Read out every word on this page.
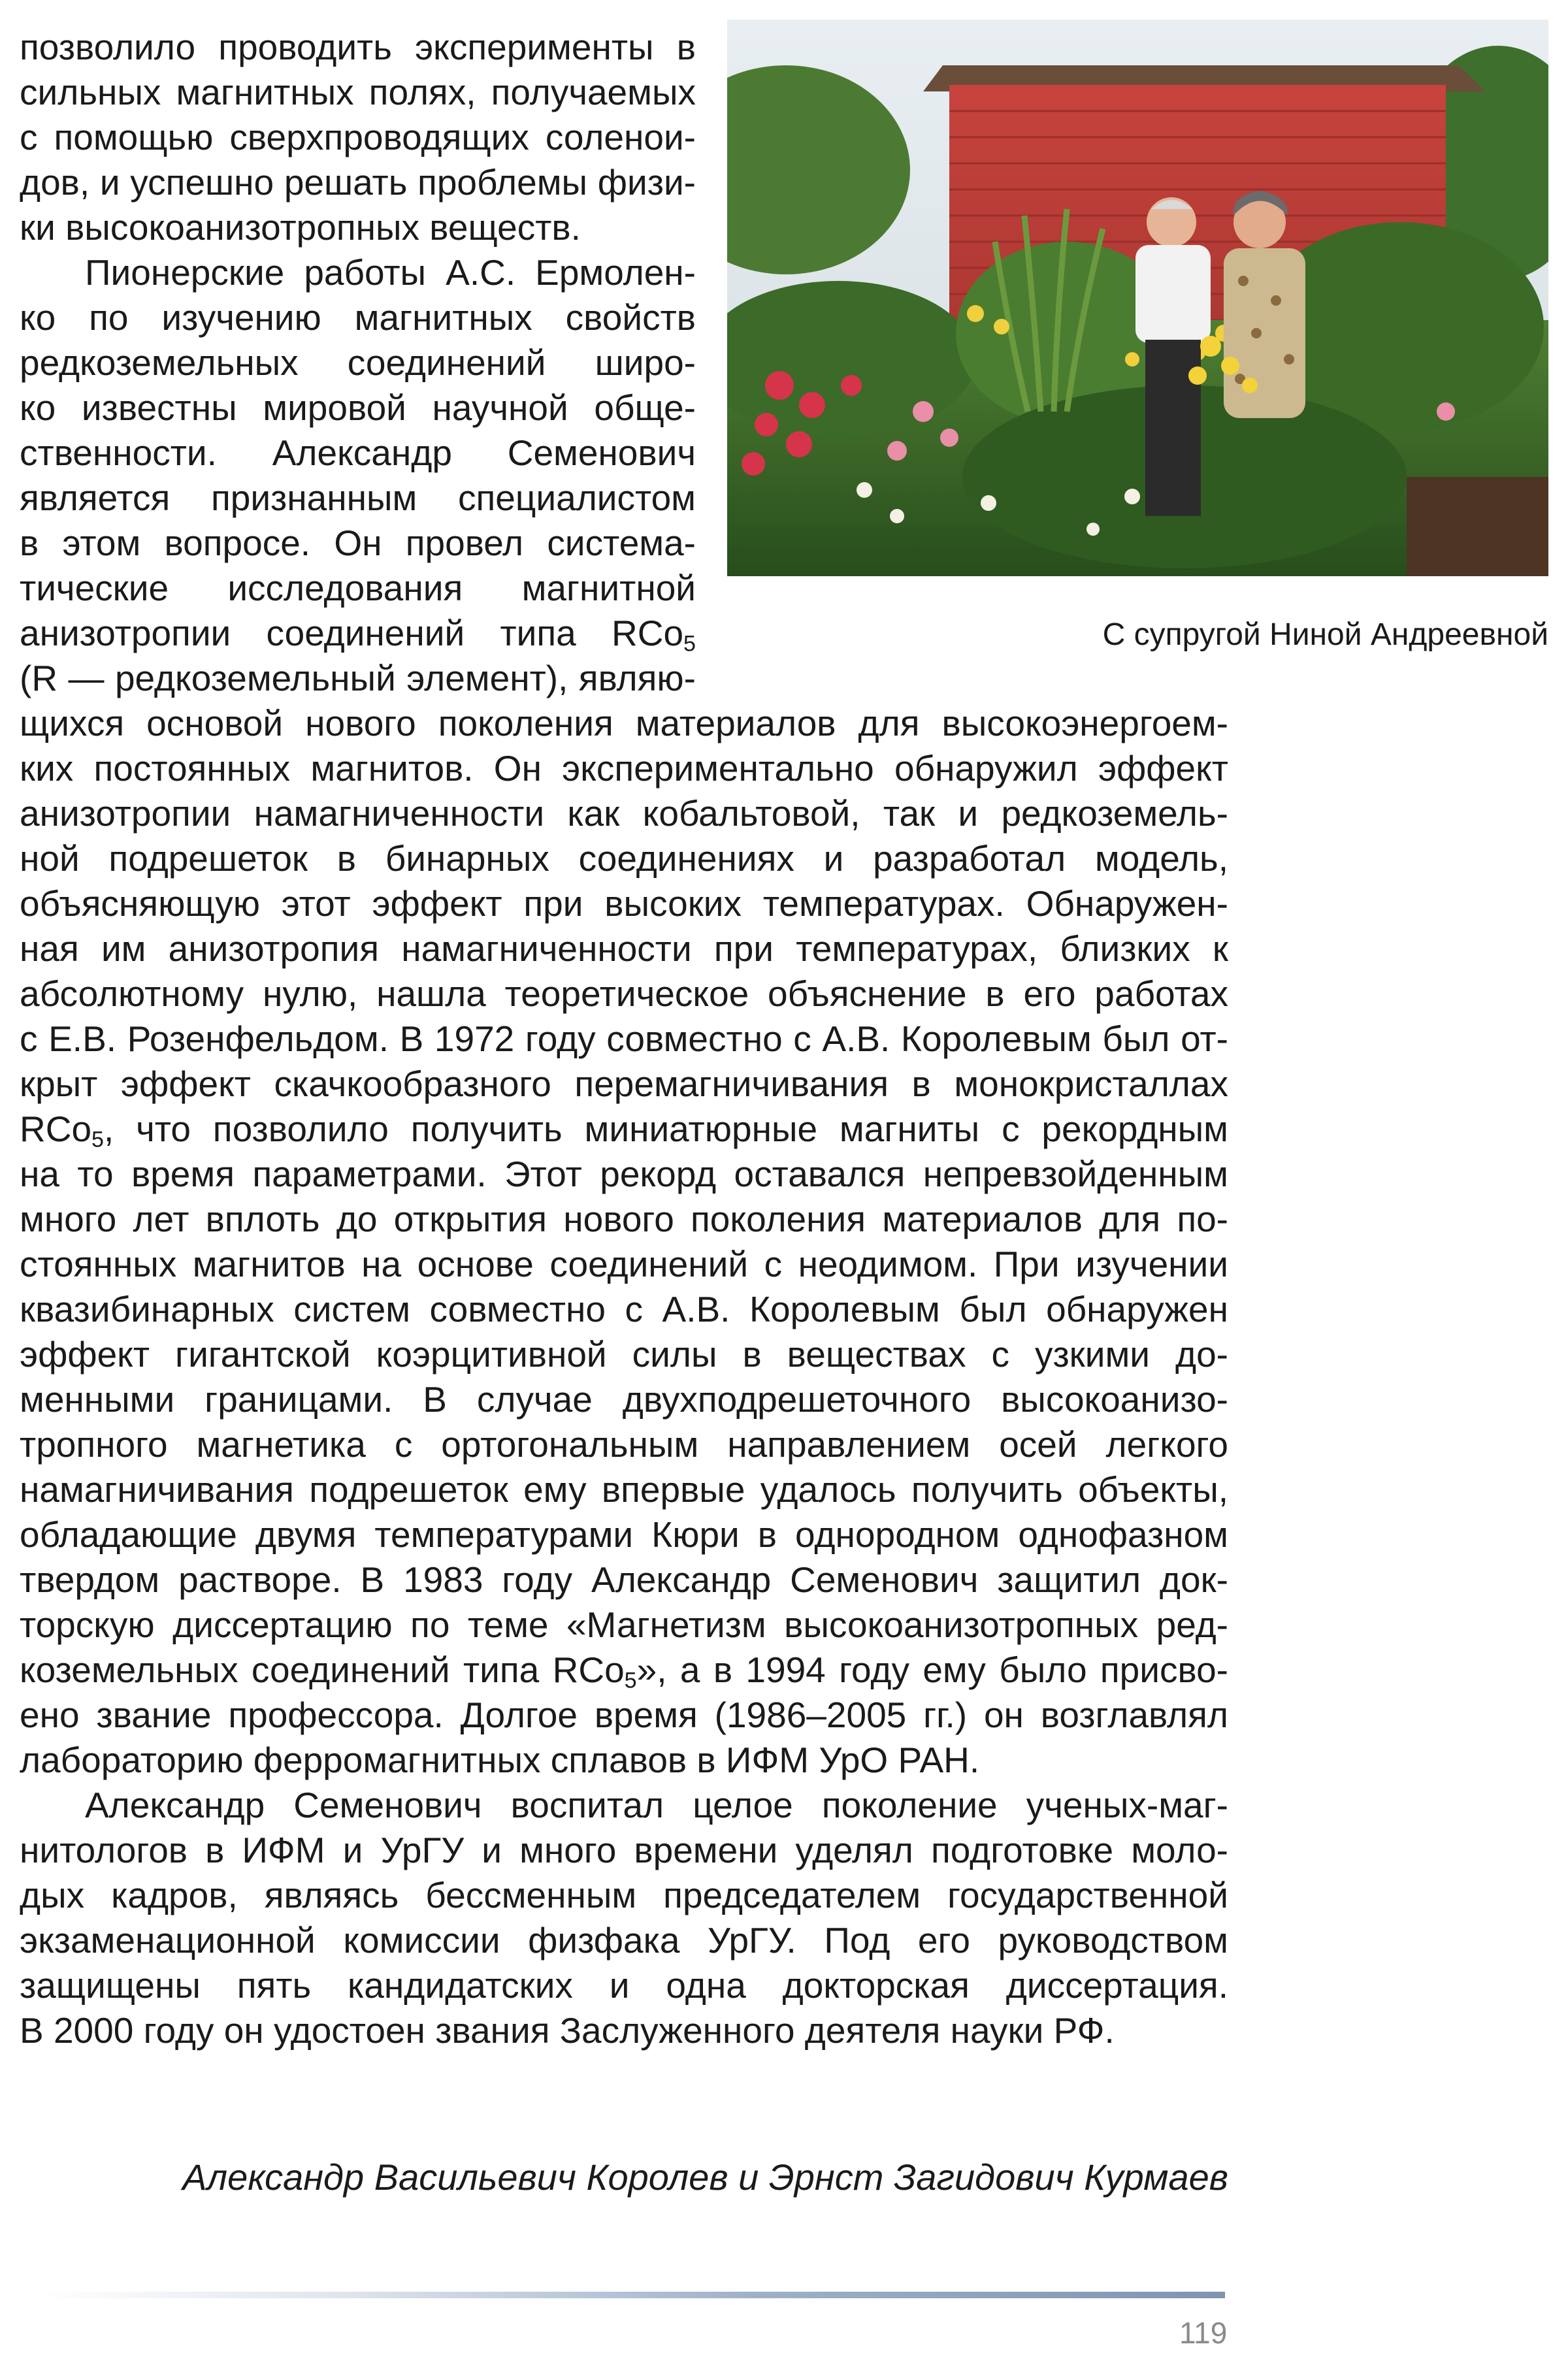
С супругой Ниной Андреевной
позволило проводить эксперименты в
сильных магнитных полях, получаемых
с помощью сверхпроводящих соленои-
дов, и успешно решать проблемы физи-
ки высокоанизотропных веществ.
Пионерские работы А.С. Ермолен-
ко по изучению магнитных свойств
редкоземельных соединений широ-
ко известны мировой научной обще-
ственности. Александр Семенович
является признанным специалистом
в этом вопросе. Он провел системa-
тические исследования магнитной
анизотропии соединений типа RCo$_5$
(R — редкоземельный элемент), являю-
щихся основой нового поколения материалов для высокоэнергоем-
ких постоянных магнитов. Он экспериментально обнаружил эффект
анизотропии намагниченности как кобальтовой, так и редкоземель-
ной подрешеток в бинарных соединениях и разработал модель,
объясняющую этот эффект при высоких температурах. Обнаружен-
ная им анизотропия намагниченности при температурах, близких к
абсолютному нулю, нашла теоретическое объяснение в его работах
с Е.В. Розенфельдом. В 1972 году совместно с А.В. Королевым был от-
крыт эффект скачкообразного перемагничивания в монокристаллах
RCo$_5$, что позволило получить миниатюрные магниты с рекордным
на то время параметрами. Этот рекорд оставался непревзойденным
много лет вплоть до открытия нового поколения материалов для по-
стоянных магнитов на основе соединений с неодимом. При изучении
квазибинарных систем совместно с А.В. Королевым был обнаружен
эффект гигантской коэрцитивной силы в веществах с узкими до-
менными границами. В случае двухподрешеточного высокоанизо-
тропного магнетика с ортогональным направлением осей легкого
намагничивания подрешеток ему впервые удалось получить объекты,
обладающие двумя температурами Кюри в однородном однофазном
твердом растворе. В 1983 году Александр Семенович защитил док-
торскую диссертацию по теме «Магнетизм высокоанизотропных ред-
коземельных соединений типа RCo$_5$», а в 1994 году ему было присво-
ено звание профессора. Долгое время (1986–2005 гг.) он возглавлял
лабораторию ферромагнитных сплавов в ИФМ УрО РАН.
Александр Семенович воспитал целое поколение ученых-маг-
нитологов в ИФМ и УрГУ и много времени уделял подготовке моло-
дых кадров, являясь бессменным председателем государственной
экзаменационной комиссии физфака УрГУ. Под его руководством
защищены пять кандидатских и одна докторская диссертация.
В 2000 году он удостоен звания Заслуженного деятеля науки РФ.
Александр Васильевич Королев и Эрнст Загидович Курмаев
119
